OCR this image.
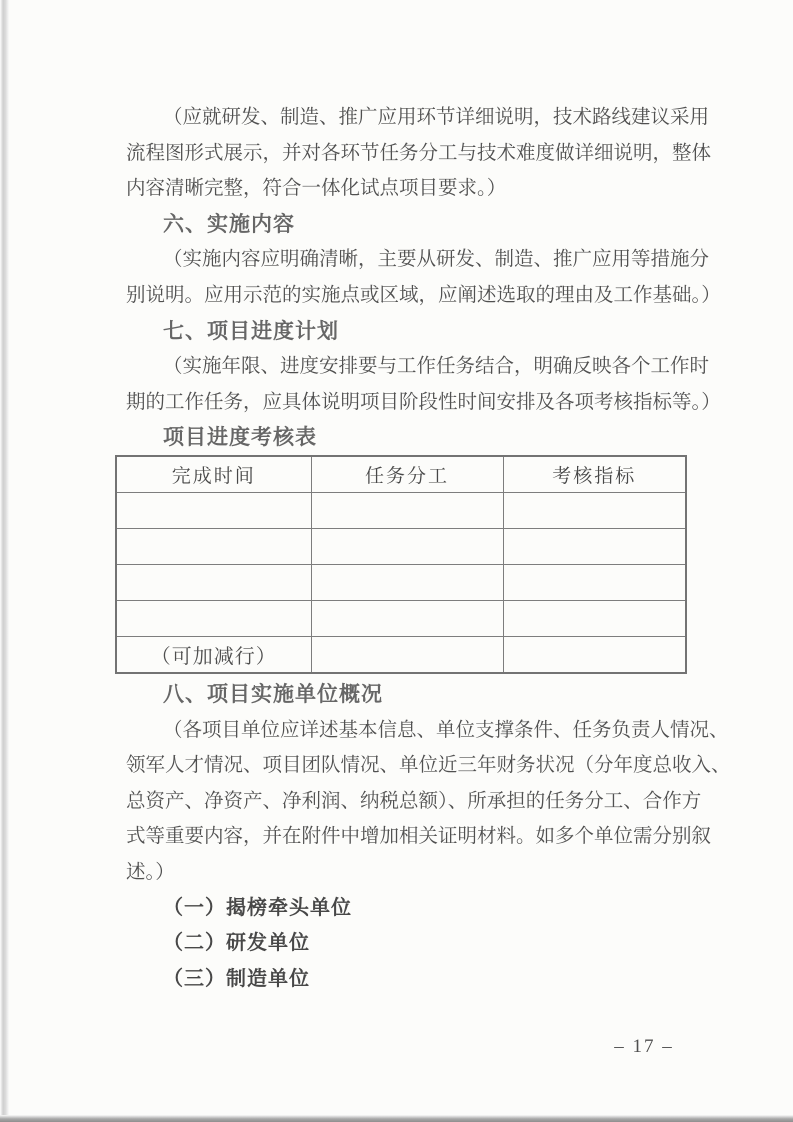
（应就研发、制造、推广应用环节详细说明，技术路线建议采用
流程图形式展示，并对各环节任务分工与技术难度做详细说明，整体
内容清晰完整，符合一体化试点项目要求。）
六、实施内容
（实施内容应明确清晰，主要从研发、制造、推广应用等措施分
别说明。应用示范的实施点或区域，应阐述选取的理由及工作基础。）
七、项目进度计划
（实施年限、进度安排要与工作任务结合，明确反映各个工作时
期的工作任务，应具体说明项目阶段性时间安排及各项考核指标等。）
项目进度考核表
完成时间	任务分工	考核指标

（可加减行）		
八、项目实施单位概况
（各项目单位应详述基本信息、单位支撑条件、任务负责人情况、
领军人才情况、项目团队情况、单位近三年财务状况（分年度总收入、
总资产、净资产、净利润、纳税总额）、所承担的任务分工、合作方
式等重要内容，并在附件中增加相关证明材料。如多个单位需分别叙
述。）
（一）揭榜牵头单位
（二）研发单位
（三）制造单位
– 17 –
